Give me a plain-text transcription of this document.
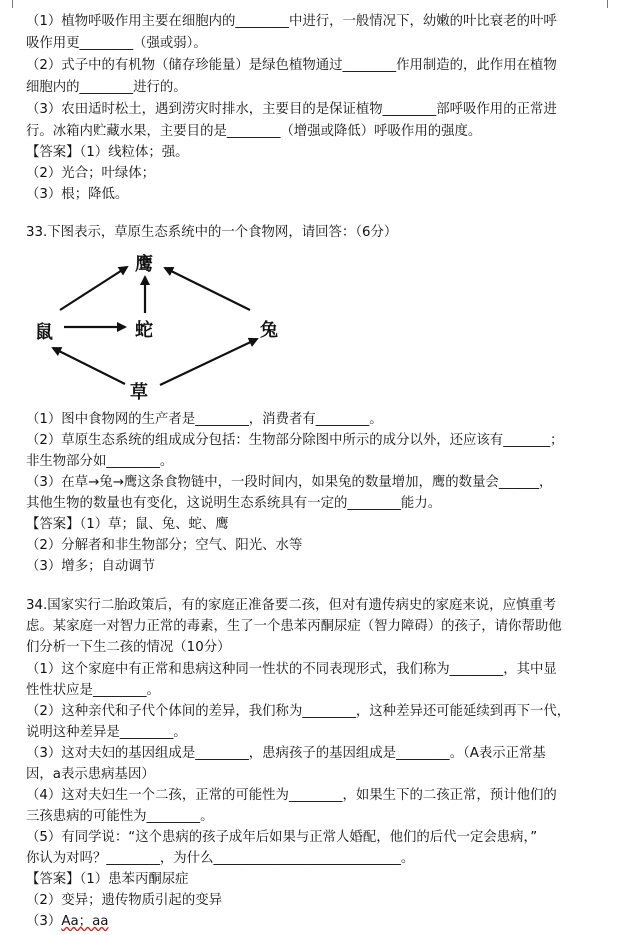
（1）植物呼吸作用主要在细胞内的________中进行，一般情况下，幼嫩的叶比衰老的叶呼
吸作用更________（强或弱）。
（2）式子中的有机物（储存珍能量）是绿色植物通过________作用制造的，此作用在植物
细胞内的________进行的。
（3）农田适时松土，遇到涝灾时排水，主要目的是保证植物________部呼吸作用的正常进
行。冰箱内贮藏水果，主要目的是________（增强或降低）呼吸作用的强度。
【答案】（1）线粒体；强。
（2）光合；叶绿体；
（3）根；降低。
33.下图表示，草原生态系统中的一个食物网，请回答：（6分）
鹰
鼠	蛇	兔
草
（1）图中食物网的生产者是________，消费者有________。
（2）草原生态系统的组成成分包括：生物部分除图中所示的成分以外，还应该有_______；
非生物部分如________。
（3）在草→兔→鹰这条食物链中，一段时间内，如果兔的数量增加，鹰的数量会______，
其他生物的数量也有变化，这说明生态系统具有一定的________能力。
【答案】（1）草；鼠、兔、蛇、鹰
（2）分解者和非生物部分；空气、阳光、水等
（3）增多；自动调节
34.国家实行二胎政策后，有的家庭正准备要二孩，但对有遗传病史的家庭来说，应慎重考
虑。某家庭一对智力正常的毒素，生了一个患苯丙酮尿症（智力障碍）的孩子，请你帮助他
们分析一下生二孩的情况（10分）
（1）这个家庭中有正常和患病这种同一性状的不同表现形式，我们称为________，其中显
性性状应是________。
（2）这种亲代和子代个体间的差异，我们称为________，这种差异还可能延续到再下一代，
说明这种差异是________。
（3）这对夫妇的基因组成是________，患病孩子的基因组成是________。（A表示正常基
因，a表示患病基因）
（4）这对夫妇生一个二孩，正常的可能性为________，如果生下的二孩正常，预计他们的
三孩患病的可能性为________。
（5）有同学说：“这个患病的孩子成年后如果与正常人婚配，他们的后代一定会患病，”
你认为对吗？________，为什么____________________________。
【答案】（1）患苯丙酮尿症
（2）变异；遗传物质引起的变异
（3）Aa；aa
